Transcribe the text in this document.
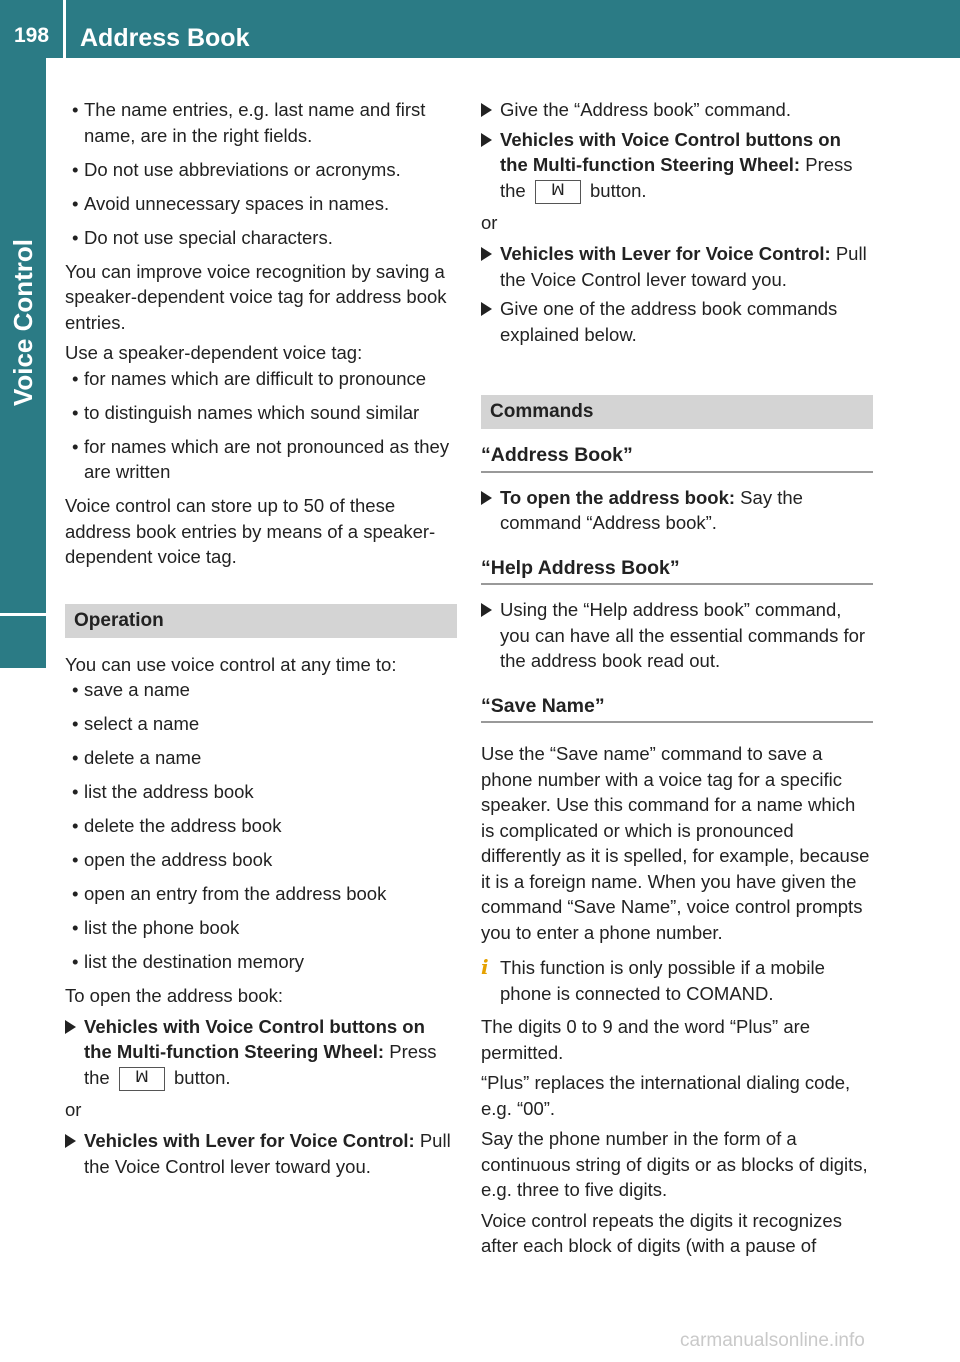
198 Address Book
Voice Control
• The name entries, e.g. last name and first name, are in the right fields.
• Do not use abbreviations or acronyms.
• Avoid unnecessary spaces in names.
• Do not use special characters.

You can improve voice recognition by saving a speaker-dependent voice tag for address book entries.

Use a speaker-dependent voice tag:

• for names which are difficult to pronounce
• to distinguish names which sound similar
• for names which are not pronounced as they are written

Voice control can store up to 50 of these address book entries by means of a speaker-dependent voice tag.

Operation

You can use voice control at any time to:

• save a name
• select a name
• delete a name
• list the address book
• delete the address book
• open the address book
• open an entry from the address book
• list the phone book
• list the destination memory

To open the address book:

Vehicles with Voice Control buttons on the Multi-function Steering Wheel: Press the ꟽ button.
or
Vehicles with Lever for Voice Control: Pull the Voice Control lever toward you.
Give the “Address book” command.
Vehicles with Voice Control buttons on the Multi-function Steering Wheel: Press the ꟽ button.
or
Vehicles with Lever for Voice Control: Pull the Voice Control lever toward you.
Give one of the address book commands explained below.
Commands
“Address Book”
To open the address book: Say the command “Address book”.
“Help Address Book”
Using the “Help address book” command, you can have all the essential commands for the address book read out.
“Save Name”

Use the “Save name” command to save a phone number with a voice tag for a specific speaker. Use this command for a name which is complicated or which is pronounced differently as it is spelled, for example, because it is a foreign name. When you have given the command “Save Name”, voice control prompts you to enter a phone number.

i This function is only possible if a mobile phone is connected to COMAND.

The digits 0 to 9 and the word “Plus” are permitted.

“Plus” replaces the international dialing code, e.g. “00”.

Say the phone number in the form of a continuous string of digits or as blocks of digits, e.g. three to five digits.

Voice control repeats the digits it recognizes after each block of digits (with a pause of

carmanualsonline.info
